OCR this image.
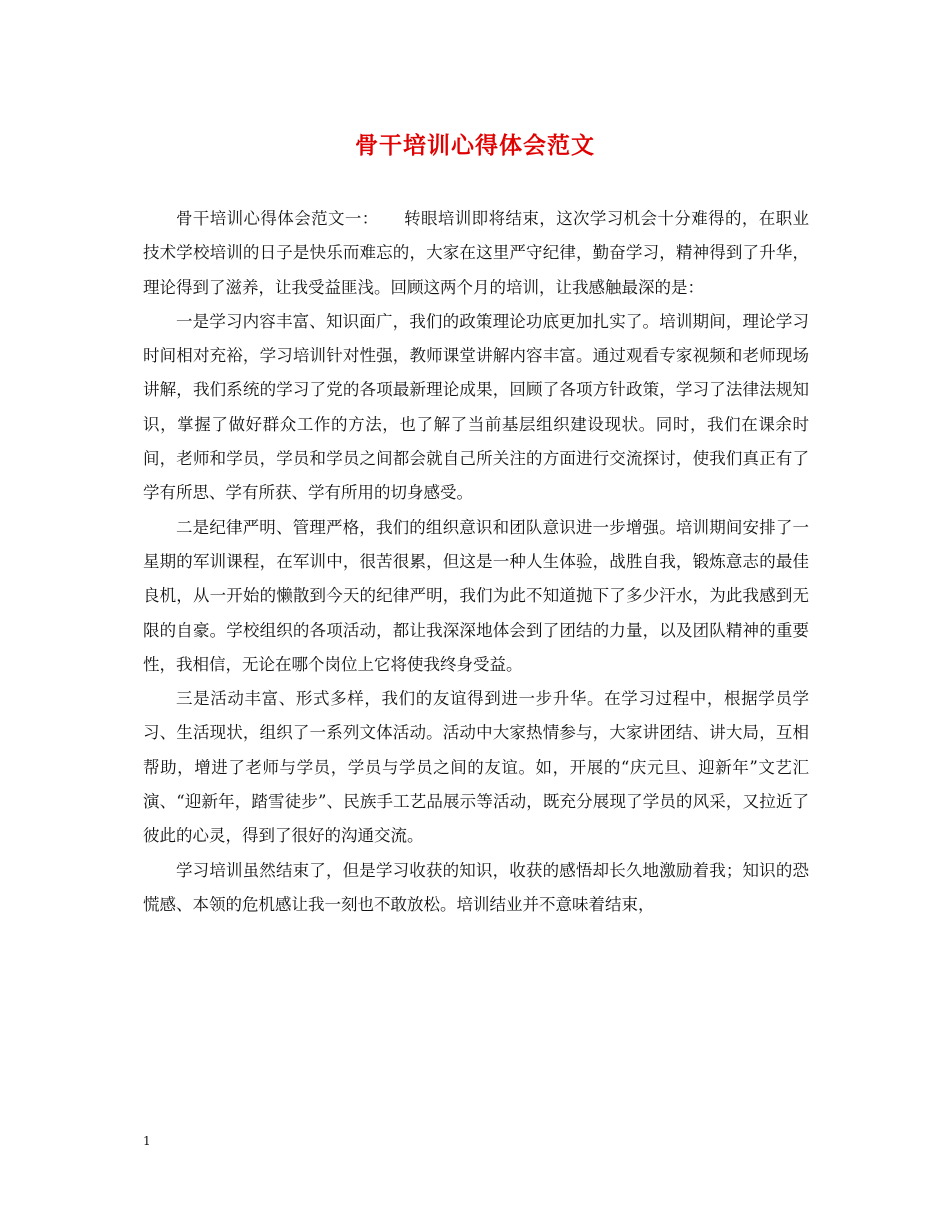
骨干培训心得体会范文

骨干培训心得体会范文一：　　转眼培训即将结束，这次学习机会十分难得的，在职业技术学校培训的日子是快乐而难忘的，大家在这里严守纪律，勤奋学习，精神得到了升华，理论得到了滋养，让我受益匪浅。回顾这两个月的培训，让我感触最深的是：

一是学习内容丰富、知识面广，我们的政策理论功底更加扎实了。培训期间，理论学习时间相对充裕，学习培训针对性强，教师课堂讲解内容丰富。通过观看专家视频和老师现场讲解，我们系统的学习了党的各项最新理论成果，回顾了各项方针政策，学习了法律法规知识，掌握了做好群众工作的方法，也了解了当前基层组织建设现状。同时，我们在课余时间，老师和学员，学员和学员之间都会就自己所关注的方面进行交流探讨，使我们真正有了学有所思、学有所获、学有所用的切身感受。

二是纪律严明、管理严格，我们的组织意识和团队意识进一步增强。培训期间安排了一星期的军训课程，在军训中，很苦很累，但这是一种人生体验，战胜自我，锻炼意志的最佳良机，从一开始的懒散到今天的纪律严明，我们为此不知道抛下了多少汗水，为此我感到无限的自豪。学校组织的各项活动，都让我深深地体会到了团结的力量，以及团队精神的重要性，我相信，无论在哪个岗位上它将使我终身受益。

三是活动丰富、形式多样，我们的友谊得到进一步升华。在学习过程中，根据学员学习、生活现状，组织了一系列文体活动。活动中大家热情参与，大家讲团结、讲大局，互相帮助，增进了老师与学员，学员与学员之间的友谊。如，开展的“庆元旦、迎新年”文艺汇演、“迎新年，踏雪徒步”、民族手工艺品展示等活动，既充分展现了学员的风采，又拉近了彼此的心灵，得到了很好的沟通交流。

学习培训虽然结束了，但是学习收获的知识，收获的感悟却长久地激励着我；知识的恐慌感、本领的危机感让我一刻也不敢放松。培训结业并不意味着结束，

1
